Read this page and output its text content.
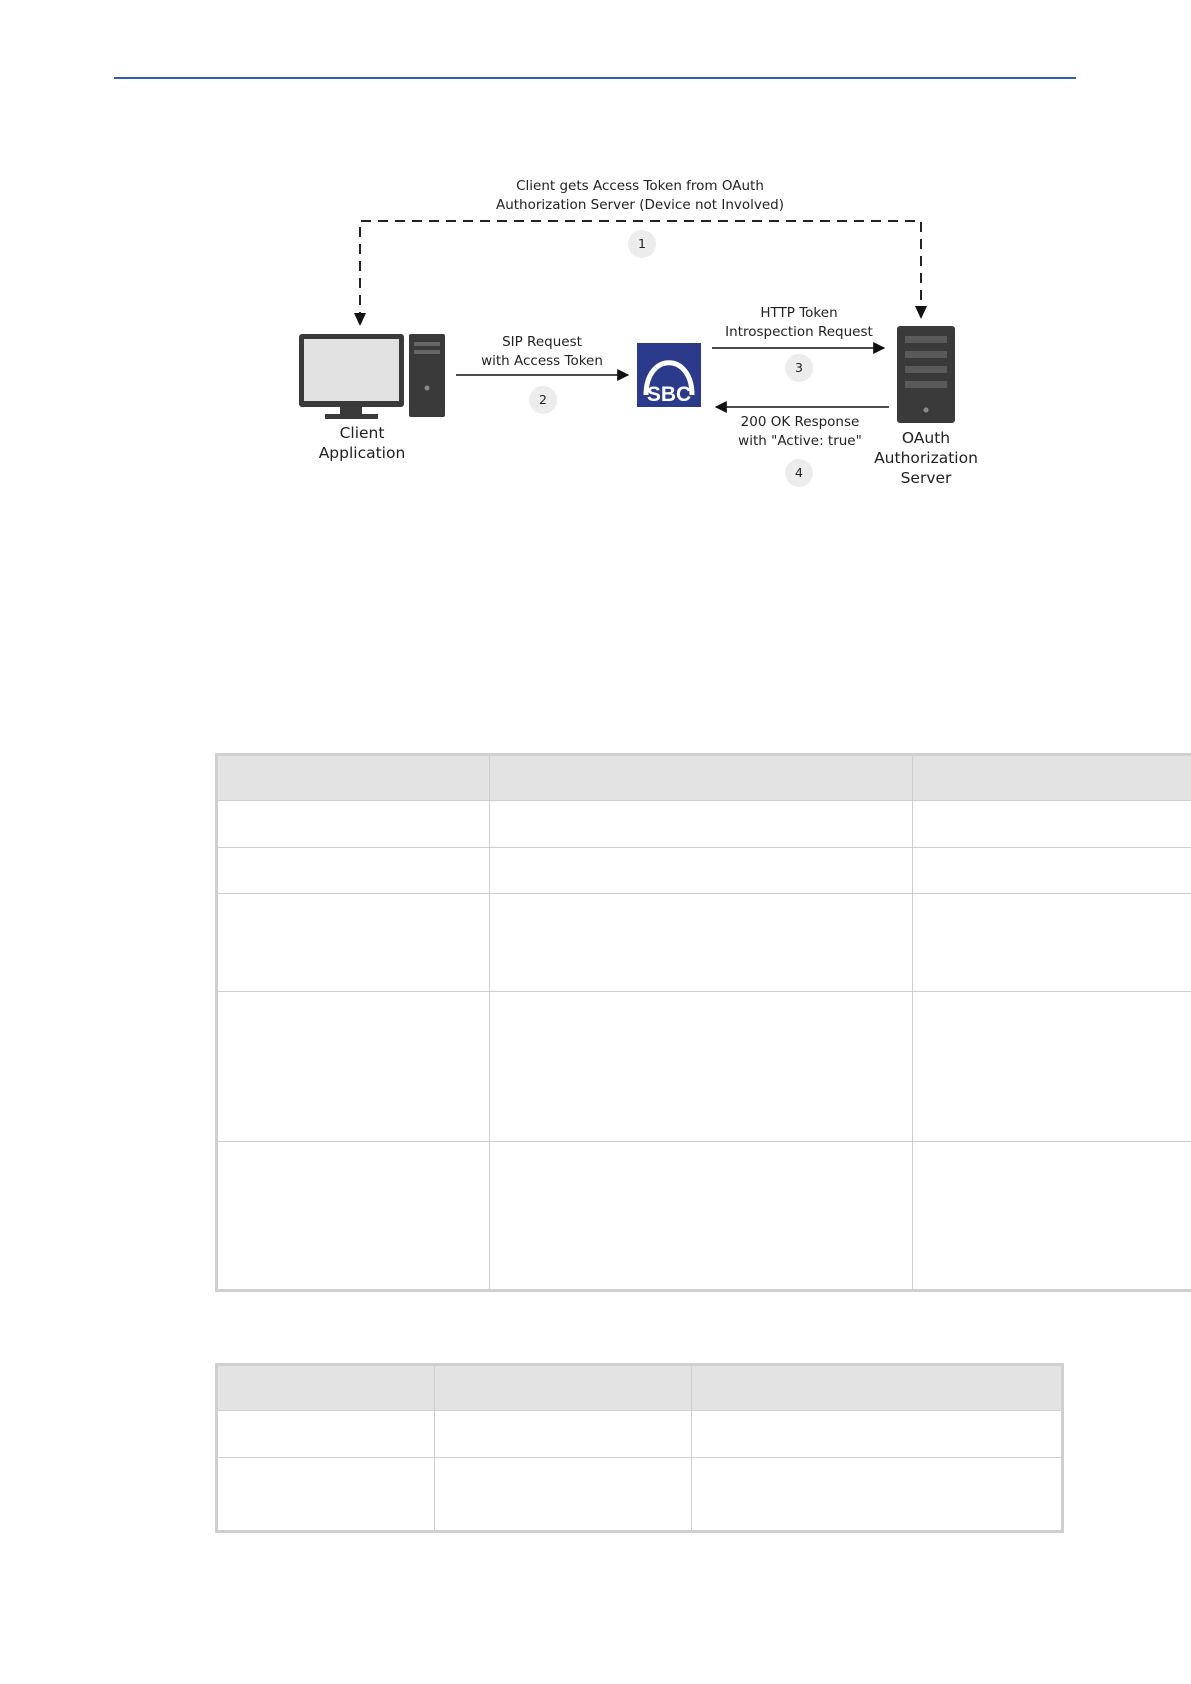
SBC
Client gets Access Token from OAuth
Authorization Server (Device not Involved)
1
SIP Request
with Access Token
2
HTTP Token
Introspection Request
3
200 OK Response
with "Active: true"
4
Client
Application
OAuth
Authorization
Server
